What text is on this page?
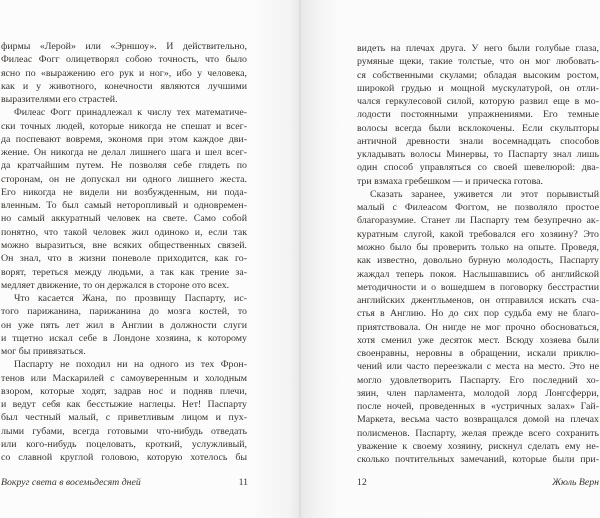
фирмы «Лерой» или «Эрншоу». И действительно,
Филеас Фогг олицетворял собою точность, что было
ясно по «выражению его рук и ног», ибо у человека,
как и у животного, конечности являются лучшими
выразителями его страстей.
Филеас Фогг принадлежал к числу тех математиче-
ски точных людей, которые никогда не спешат и всег-
да поспевают вовремя, экономя при этом каждое дви-
жение. Он никогда не делал лишнего шага и шел всег-
да кратчайшим путем. Не позволяя себе глядеть по
сторонам, он не допускал ни одного лишнего жеста.
Его никогда не видели ни возбужденным, ни пода-
вленным. То был самый неторопливый и одновремен-
но самый аккуратный человек на свете. Само собой
понятно, что такой человек жил одиноко и, если так
можно выразиться, вне всяких общественных связей.
Он знал, что в жизни поневоле приходится, как го-
ворят, тереться между людьми, а так как трение за-
медляет движение, то он держался в стороне ото всех.
Что касается Жана, по прозвищу Паспарту, ис-
того парижанина, парижанина до мозга костей, то
он уже пять лет жил в Англии в должности слуги
и тщетно искал себе в Лондоне хозяина, к которому
мог бы привязаться.
Паспарту не походил ни на одного из тех Фрон-
тенов или Маскарилей с самоуверенным и холодным
взором, которые ходят, задрав нос и подняв плечи,
и ведут себя как бесстыжие наглецы. Нет! Паспарту
был честный малый, с приветливым лицом и пух-
лыми губами, всегда готовыми что-нибудь отведать
или кого-нибудь поцеловать, кроткий, услужливый,
со славной круглой головою, которую хотелось бы
Вокруг света в восемьдесят дней	11
видеть на плечах друга. У него были голубые глаза,
румяные щеки, такие толстые, что он мог любовать-
ся собственными скулами; обладая высоким ростом,
широкой грудью и мощной мускулатурой, он отли-
чался геркулесовой силой, которую развил еще в мо-
лодости постоянными упражнениями. Его темные
волосы всегда были всклокочены. Если скульпторы
античной древности знали восемнадцать способов
укладывать волосы Минервы, то Паспарту знал лишь
один способ управляться со своей шевелюрой: два-
три взмаха гребешком — и прическа готова.
Сказать заранее, уживется ли этот порывистый
малый с Филеасом Фоггом, не позволяло простое
благоразумие. Станет ли Паспарту тем безупречно ак-
куратным слугой, какой требовался его хозяину? Это
можно было бы проверить только на опыте. Проведя,
как известно, довольно бурную молодость, Паспарту
жаждал теперь покоя. Наслышавшись об английской
методичности и о вошедшем в поговорку бесстрастии
английских джентльменов, он отправился искать сча-
стья в Англию. Но до сих пор судьба ему не благо-
приятствовала. Он нигде не мог прочно обосноваться,
хотя сменил уже десяток мест. Всюду хозяева были
своенравны, неровны в обращении, искали приклю-
чений или часто переезжали с места на место. Это не
могло удовлетворить Паспарту. Его последний хо-
зяин, член парламента, молодой лорд Лонгсферри,
после ночей, проведенных в «устричных залах» Гай-
Маркета, весьма часто возвращался домой на плечах
полисменов. Паспарту, желая прежде всего сохранить
уважение к своему хозяину, рискнул сделать ему не-
сколько почтительных замечаний, которые были при-
12	Жюль Верн
